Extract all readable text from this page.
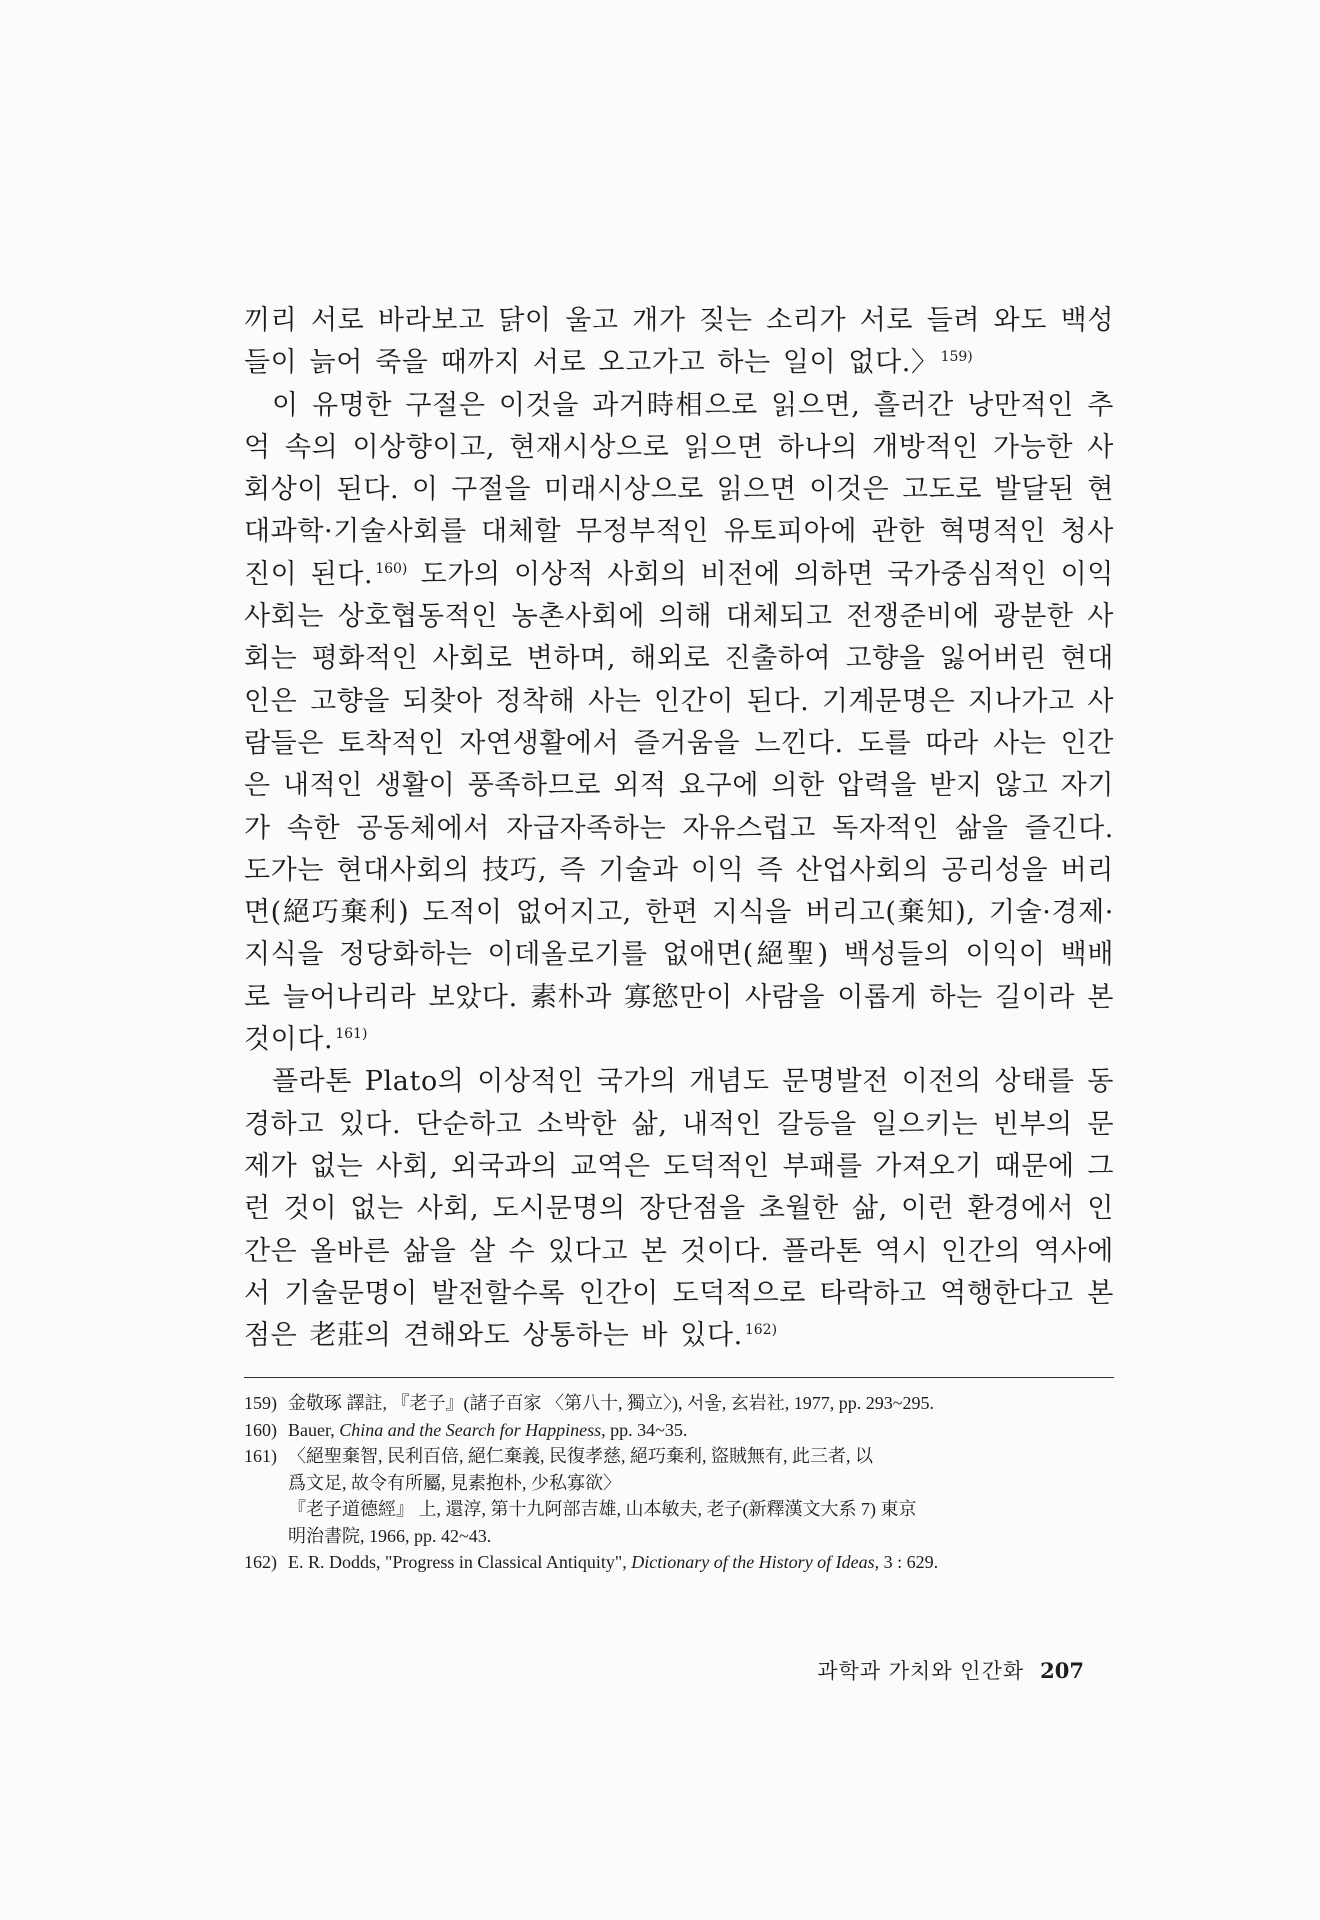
끼리 서로 바라보고 닭이 울고 개가 짖는 소리가 서로 들려 와도 백성들이 늙어 죽을 때까지 서로 오고가고 하는 일이 없다.〉 $^{159)}$

이 유명한 구절은 이것을 과거時相으로 읽으면, 흘러간 낭만적인 추억 속의 이상향이고, 현재시상으로 읽으면 하나의 개방적인 가능한 사회상이 된다. 이 구절을 미래시상으로 읽으면 이것은 고도로 발달된 현대과학·기술사회를 대체할 무정부적인 유토피아에 관한 혁명적인 청사진이 된다. $^{160)}$ 도가의 이상적 사회의 비전에 의하면 국가중심적인 이익사회는 상호협동적인 농촌사회에 의해 대체되고 전쟁준비에 광분한 사회는 평화적인 사회로 변하며, 해외로 진출하여 고향을 잃어버린 현대인은 고향을 되찾아 정착해 사는 인간이 된다. 기계문명은 지나가고 사람들은 토착적인 자연생활에서 즐거움을 느낀다. 도를 따라 사는 인간은 내적인 생활이 풍족하므로 외적 요구에 의한 압력을 받지 않고 자기가 속한 공동체에서 자급자족하는 자유스럽고 독자적인 삶을 즐긴다. 도가는 현대사회의 技巧, 즉 기술과 이익 즉 산업사회의 공리성을 버리면(絕巧棄利) 도적이 없어지고, 한편 지식을 버리고(棄知), 기술·경제·지식을 정당화하는 이데올로기를 없애면(絕聖) 백성들의 이익이 백배로 늘어나리라 보았다. 素朴과 寡慾만이 사람을 이롭게 하는 길이라 본 것이다. $^{161)}$

플라톤 Plato의 이상적인 국가의 개념도 문명발전 이전의 상태를 동경하고 있다. 단순하고 소박한 삶, 내적인 갈등을 일으키는 빈부의 문제가 없는 사회, 외국과의 교역은 도덕적인 부패를 가져오기 때문에 그런 것이 없는 사회, 도시문명의 장단점을 초월한 삶, 이런 환경에서 인간은 올바른 삶을 살 수 있다고 본 것이다. 플라톤 역시 인간의 역사에서 기술문명이 발전할수록 인간이 도덕적으로 타락하고 역행한다고 본 점은 老莊의 견해와도 상통하는 바 있다. $^{162)}$

159) 金敬琢 譯註, 『老子』(諸子百家 〈第八十, 獨立〉), 서울, 玄岩社, 1977, pp. 293~295.
160) Bauer, China and the Search for Happiness, pp. 34~35.
161) 〈絕聖棄智, 民利百倍, 絕仁棄義, 民復孝慈, 絕巧棄利, 盜賊無有, 此三者, 以
爲文足, 故令有所屬, 見素抱朴, 少私寡欲〉
『老子道德經』 上, 還淳, 第十九阿部吉雄, 山本敏夫, 老子(新釋漢文大系 7) 東京
明治書院, 1966, pp. 42~43.
162) E. R. Dodds, "Progress in Classical Antiquity", Dictionary of the History of Ideas, 3 : 629.
과학과 가치와 인간화 207
